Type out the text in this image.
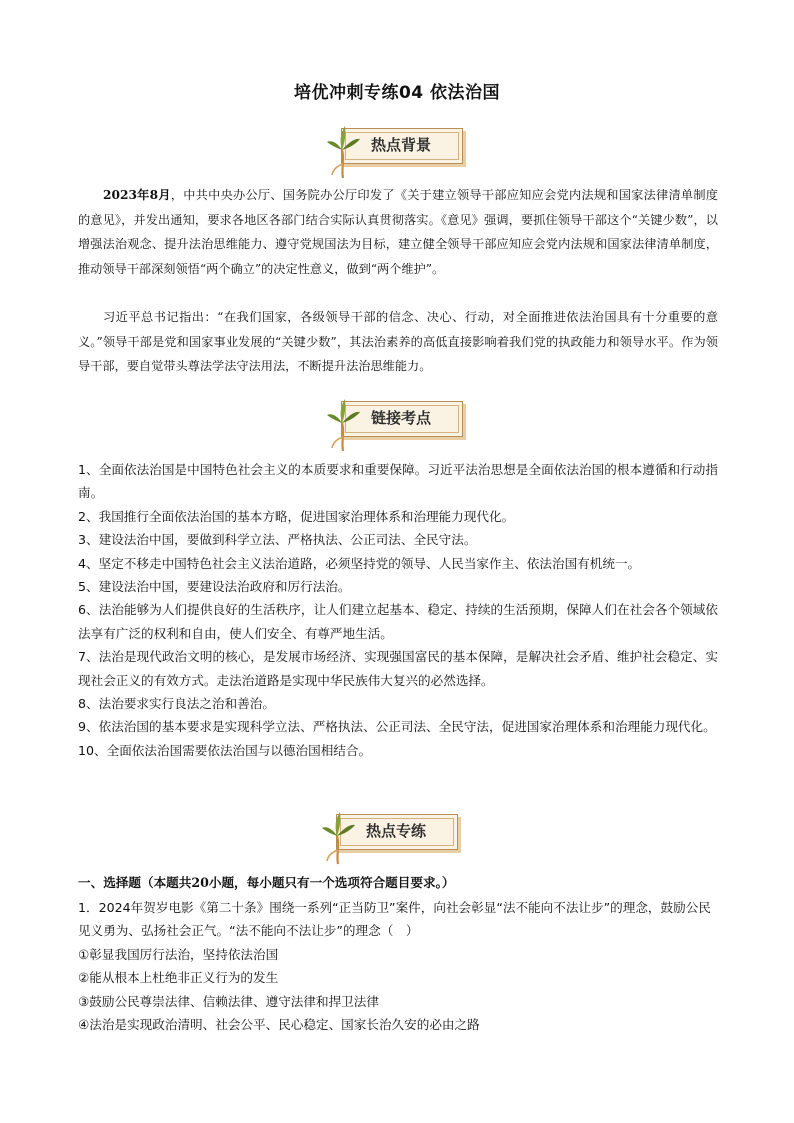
培优冲刺专练04 依法治国
热点背景

2023年8月，中共中央办公厅、国务院办公厅印发了《关于建立领导干部应知应会党内法规和国家法律清单制度的意见》，并发出通知，要求各地区各部门结合实际认真贯彻落实。《意见》强调，要抓住领导干部这个“关键少数”，以增强法治观念、提升法治思维能力、遵守党规国法为目标，建立健全领导干部应知应会党内法规和国家法律清单制度，推动领导干部深刻领悟“两个确立”的决定性意义，做到“两个维护”。

习近平总书记指出：“在我们国家，各级领导干部的信念、决心、行动，对全面推进依法治国具有十分重要的意义。”领导干部是党和国家事业发展的“关键少数”，其法治素养的高低直接影响着我们党的执政能力和领导水平。作为领导干部，要自觉带头尊法学法守法用法，不断提升法治思维能力。

链接考点
1、全面依法治国是中国特色社会主义的本质要求和重要保障。习近平法治思想是全面依法治国的根本遵循和行动指南。
2、我国推行全面依法治国的基本方略，促进国家治理体系和治理能力现代化。
3、建设法治中国，要做到科学立法、严格执法、公正司法、全民守法。
4、坚定不移走中国特色社会主义法治道路，必须坚持党的领导、人民当家作主、依法治国有机统一。
5、建设法治中国，要建设法治政府和厉行法治。
6、法治能够为人们提供良好的生活秩序，让人们建立起基本、稳定、持续的生活预期，保障人们在社会各个领域依法享有广泛的权利和自由，使人们安全、有尊严地生活。
7、法治是现代政治文明的核心，是发展市场经济、实现强国富民的基本保障，是解决社会矛盾、维护社会稳定、实现社会正义的有效方式。走法治道路是实现中华民族伟大复兴的必然选择。
8、法治要求实行良法之治和善治。
9、依法治国的基本要求是实现科学立法、严格执法、公正司法、全民守法，促进国家治理体系和治理能力现代化。
10、全面依法治国需要依法治国与以德治国相结合。
热点专练

一、选择题（本题共20小题，每小题只有一个选项符合题目要求。）

1．2024年贺岁电影《第二十条》围绕一系列“正当防卫”案件，向社会彰显“法不能向不法让步”的理念，鼓励公民见义勇为、弘扬社会正气。“法不能向不法让步”的理念（　）

①彰显我国厉行法治，坚持依法治国
②能从根本上杜绝非正义行为的发生
③鼓励公民尊崇法律、信赖法律、遵守法律和捍卫法律
④法治是实现政治清明、社会公平、民心稳定、国家长治久安的必由之路
